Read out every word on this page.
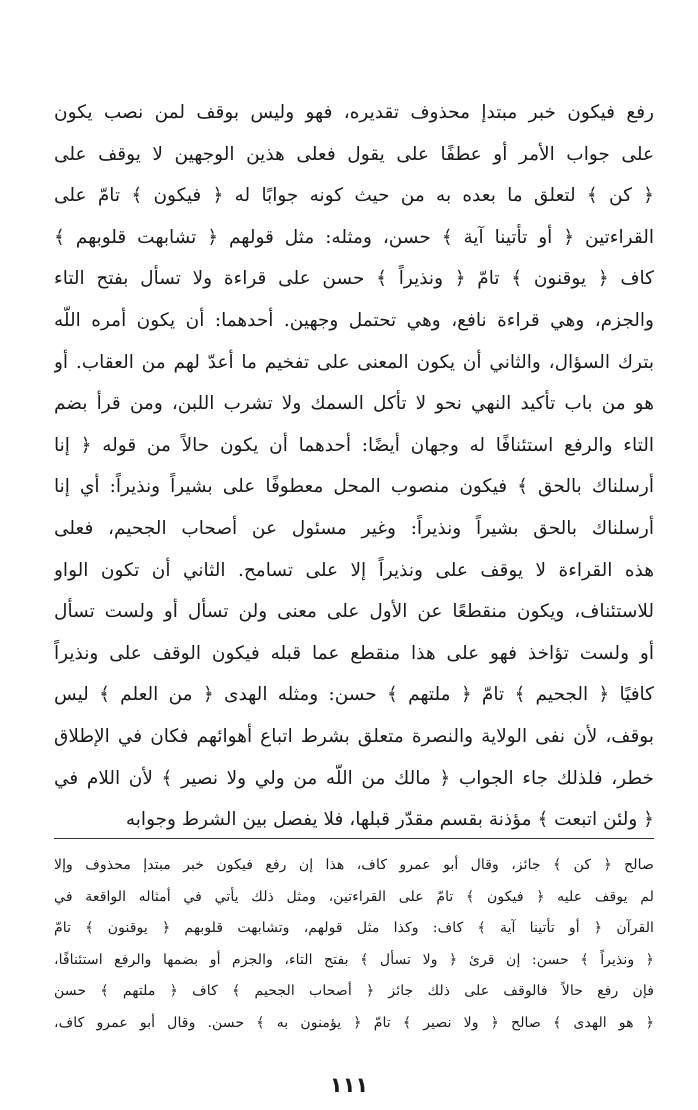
رفع فيكون خبر مبتدإ محذوف تقديره، فهو وليس بوقف لمن نصب يكون
على جواب الأمر أو عطفًا على يقول فعلى هذين الوجهين لا يوقف على
﴿ كن ﴾ لتعلق ما بعده به من حيث كونه جوابًا له ﴿ فيكون ﴾ تامّ على
القراءتين ﴿ أو تأتينا آية ﴾ حسن، ومثله: مثل قولهم ﴿ تشابهت قلوبهم ﴾
كاف ﴿ يوقنون ﴾ تامّ ﴿ ونذيراً ﴾ حسن على قراءة ولا تسأل بفتح التاء
والجزم، وهي قراءة نافع، وهي تحتمل وجهين. أحدهما: أن يكون أمره اللّه
بترك السؤال، والثاني أن يكون المعنى على تفخيم ما أعدّ لهم من العقاب. أو
هو من باب تأكيد النهي نحو لا تأكل السمك ولا تشرب اللبن، ومن قرأ بضم
التاء والرفع استئنافًا له وجهان أيضًا: أحدهما أن يكون حالاً من قوله ﴿ إنا
أرسلناك بالحق ﴾ فيكون منصوب المحل معطوفًا على بشيراً ونذيراً: أي إنا
أرسلناك بالحق بشيراً ونذيراً: وغير مسئول عن أصحاب الجحيم، فعلى
هذه القراءة لا يوقف على ونذيراً إلا على تسامح. الثاني أن تكون الواو
للاستئناف، ويكون منقطعًا عن الأول على معنى ولن تسأل أو ولست تسأل
أو ولست تؤاخذ فهو على هذا منقطع عما قبله فيكون الوقف على ونذيراً
كافيًا ﴿ الجحيم ﴾ تامّ ﴿ ملتهم ﴾ حسن: ومثله الهدى ﴿ من العلم ﴾ ليس
بوقف، لأن نفى الولاية والنصرة متعلق بشرط اتباع أهوائهم فكان في الإطلاق
خطر، فلذلك جاء الجواب ﴿ مالك من اللّه من ولي ولا نصير ﴾ لأن اللام في
﴿ ولئن اتبعت ﴾ مؤذنة بقسم مقدّر قبلها، فلا يفصل بين الشرط وجوابه
صالح ﴿ كن ﴾ جائز، وقال أبو عمرو كاف، هذا إن رفع فيكون خبر مبتدإ محذوف وإلا
لم يوقف عليه ﴿ فيكون ﴾ تامّ على القراءتين، ومثل ذلك يأتي في أمثاله الواقعة في
القرآن ﴿ أو تأتينا آية ﴾ كاف: وكذا مثل قولهم، وتشابهت قلوبهم ﴿ يوقنون ﴾ تامّ
﴿ ونذيراً ﴾ حسن: إن قرئ ﴿ ولا تسأل ﴾ بفتح التاء، والجزم أو بضمها والرفع استئنافًا،
فإن رفع حالاً فالوقف على ذلك جائز ﴿ أصحاب الجحيم ﴾ كاف ﴿ ملتهم ﴾ حسن
﴿ هو الهدى ﴾ صالح ﴿ ولا نصير ﴾ تامّ ﴿ يؤمنون به ﴾ حسن. وقال أبو عمرو كاف،
١١١
